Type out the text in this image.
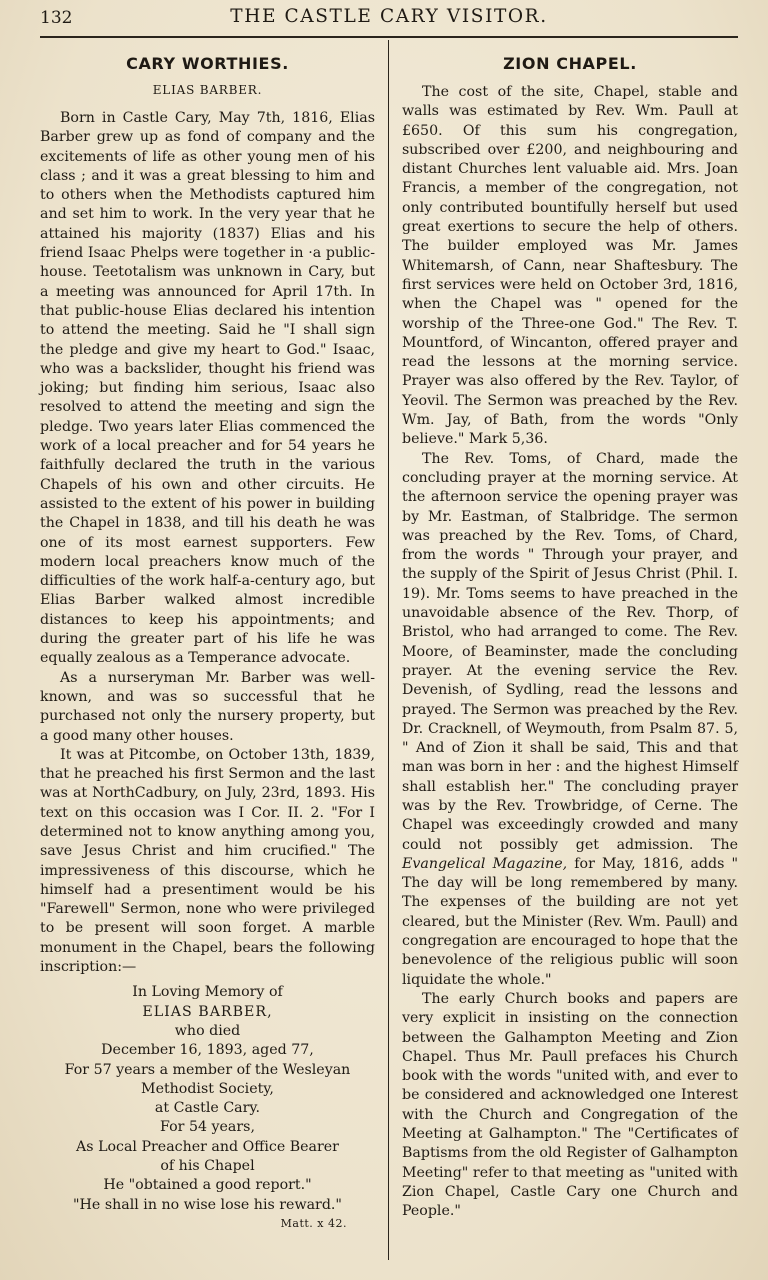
132	THE CASTLE CARY VISITOR.
CARY WORTHIES.
ELIAS BARBER.

Born in Castle Cary, May 7th, 1816, Elias Barber grew up as fond of company and the excitements of life as other young men of his class ; and it was a great blessing to him and to others when the Methodists captured him and set him to work. In the very year that he attained his majority (1837) Elias and his friend Isaac Phelps were together in ·a public-house. Teetotalism was unknown in Cary, but a meeting was announced for April 17th. In that public-house Elias declared his intention to attend the meeting. Said he "I shall sign the pledge and give my heart to God." Isaac, who was a backslider, thought his friend was joking; but finding him serious, Isaac also resolved to attend the meeting and sign the pledge. Two years later Elias commenced the work of a local preacher and for 54 years he faithfully declared the truth in the various Chapels of his own and other circuits. He assisted to the extent of his power in building the Chapel in 1838, and till his death he was one of its most earnest supporters. Few modern local preachers know much of the difficulties of the work half-a-century ago, but Elias Barber walked almost incredible distances to keep his appointments; and during the greater part of his life he was equally zealous as a Temperance advocate.

As a nurseryman Mr. Barber was well-known, and was so successful that he purchased not only the nursery property, but a good many other houses.

It was at Pitcombe, on October 13th, 1839, that he preached his first Sermon and the last was at NorthCadbury, on July, 23rd, 1893. His text on this occasion was I Cor. II. 2. "For I determined not to know anything among you, save Jesus Christ and him crucified." The impressiveness of this discourse, which he himself had a presentiment would be his "Farewell" Sermon, none who were privileged to be present will soon forget. A marble monument in the Chapel, bears the following inscription:—

In Loving Memory of
ELIAS BARBER,
who died
December 16, 1893, aged 77,
For 57 years a member of the Wesleyan
Methodist Society,
at Castle Cary.
For 54 years,
As Local Preacher and Office Bearer
of his Chapel
He "obtained a good report."
"He shall in no wise lose his reward."
Matt. x 42.
ZION CHAPEL.

The cost of the site, Chapel, stable and walls was estimated by Rev. Wm. Paull at £650. Of this sum his congregation, subscribed over £200, and neighbouring and distant Churches lent valuable aid. Mrs. Joan Francis, a member of the congregation, not only contributed bountifully herself but used great exertions to secure the help of others. The builder employed was Mr. James Whitemarsh, of Cann, near Shaftesbury. The first services were held on October 3rd, 1816, when the Chapel was " opened for the worship of the Three-one God." The Rev. T. Mountford, of Wincanton, offered prayer and read the lessons at the morning service. Prayer was also offered by the Rev. Taylor, of Yeovil. The Sermon was preached by the Rev. Wm. Jay, of Bath, from the words "Only believe." Mark 5,36.

The Rev. Toms, of Chard, made the concluding prayer at the morning service. At the afternoon service the opening prayer was by Mr. Eastman, of Stalbridge. The sermon was preached by the Rev. Toms, of Chard, from the words " Through your prayer, and the supply of the Spirit of Jesus Christ (Phil. I. 19). Mr. Toms seems to have preached in the unavoidable absence of the Rev. Thorp, of Bristol, who had arranged to come. The Rev. Moore, of Beaminster, made the concluding prayer. At the evening service the Rev. Devenish, of Sydling, read the lessons and prayed. The Sermon was preached by the Rev. Dr. Cracknell, of Weymouth, from Psalm 87. 5, " And of Zion it shall be said, This and that man was born in her : and the highest Himself shall establish her." The concluding prayer was by the Rev. Trowbridge, of Cerne. The Chapel was exceedingly crowded and many could not possibly get admission. The Evangelical Magazine, for May, 1816, adds " The day will be long remembered by many. The expenses of the building are not yet cleared, but the Minister (Rev. Wm. Paull) and congregation are encouraged to hope that the benevolence of the religious public will soon liquidate the whole."

The early Church books and papers are very explicit in insisting on the connection between the Galhampton Meeting and Zion Chapel. Thus Mr. Paull prefaces his Church book with the words "united with, and ever to be considered and acknowledged one Interest with the Church and Congregation of the Meeting at Galhampton." The "Certificates of Baptisms from the old Register of Galhampton Meeting" refer to that meeting as "united with Zion Chapel, Castle Cary one Church and People."
